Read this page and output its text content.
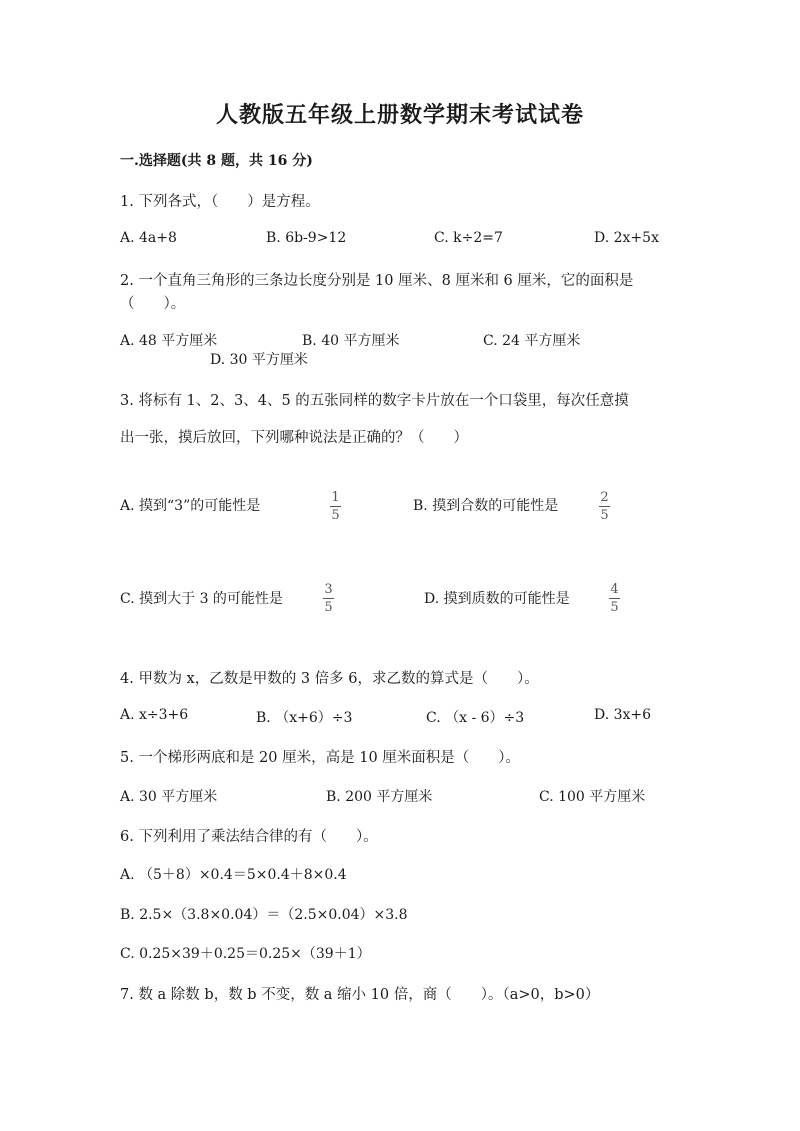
人教版五年级上册数学期末考试试卷
一.选择题(共 8 题，共 16 分)
1. 下列各式，（　　）是方程。
A. 4a+8	B. 6b-9>12	C. k÷2=7	D. 2x+5x
2. 一个直角三角形的三条边长度分别是 10 厘米、8 厘米和 6 厘米，它的面积是
（　　）。
A. 48 平方厘米	B. 40 平方厘米	C. 24 平方厘米
D. 30 平方厘米
3. 将标有 1、2、3、4、5 的五张同样的数字卡片放在一个口袋里，每次任意摸
出一张，摸后放回，下列哪种说法是正确的？（　　）
A. 摸到“3”的可能性是
1
5
B. 摸到合数的可能性是
2
5
C. 摸到大于 3 的可能性是
3
5
D. 摸到质数的可能性是
4
5
4. 甲数为 x，乙数是甲数的 3 倍多 6，求乙数的算式是（　　）。
A. x÷3+6	B. （x+6）÷3	C. （x - 6）÷3	D. 3x+6
5. 一个梯形两底和是 20 厘米，高是 10 厘米面积是（　　）。
A. 30 平方厘米	B. 200 平方厘米	C. 100 平方厘米
6. 下列利用了乘法结合律的有（　　）。
A. （5＋8）×0.4＝5×0.4＋8×0.4
B. 2.5×（3.8×0.04）＝（2.5×0.04）×3.8
C. 0.25×39＋0.25＝0.25×（39＋1）
7. 数 a 除数 b，数 b 不变，数 a 缩小 10 倍，商（　　）。（a>0，b>0）
